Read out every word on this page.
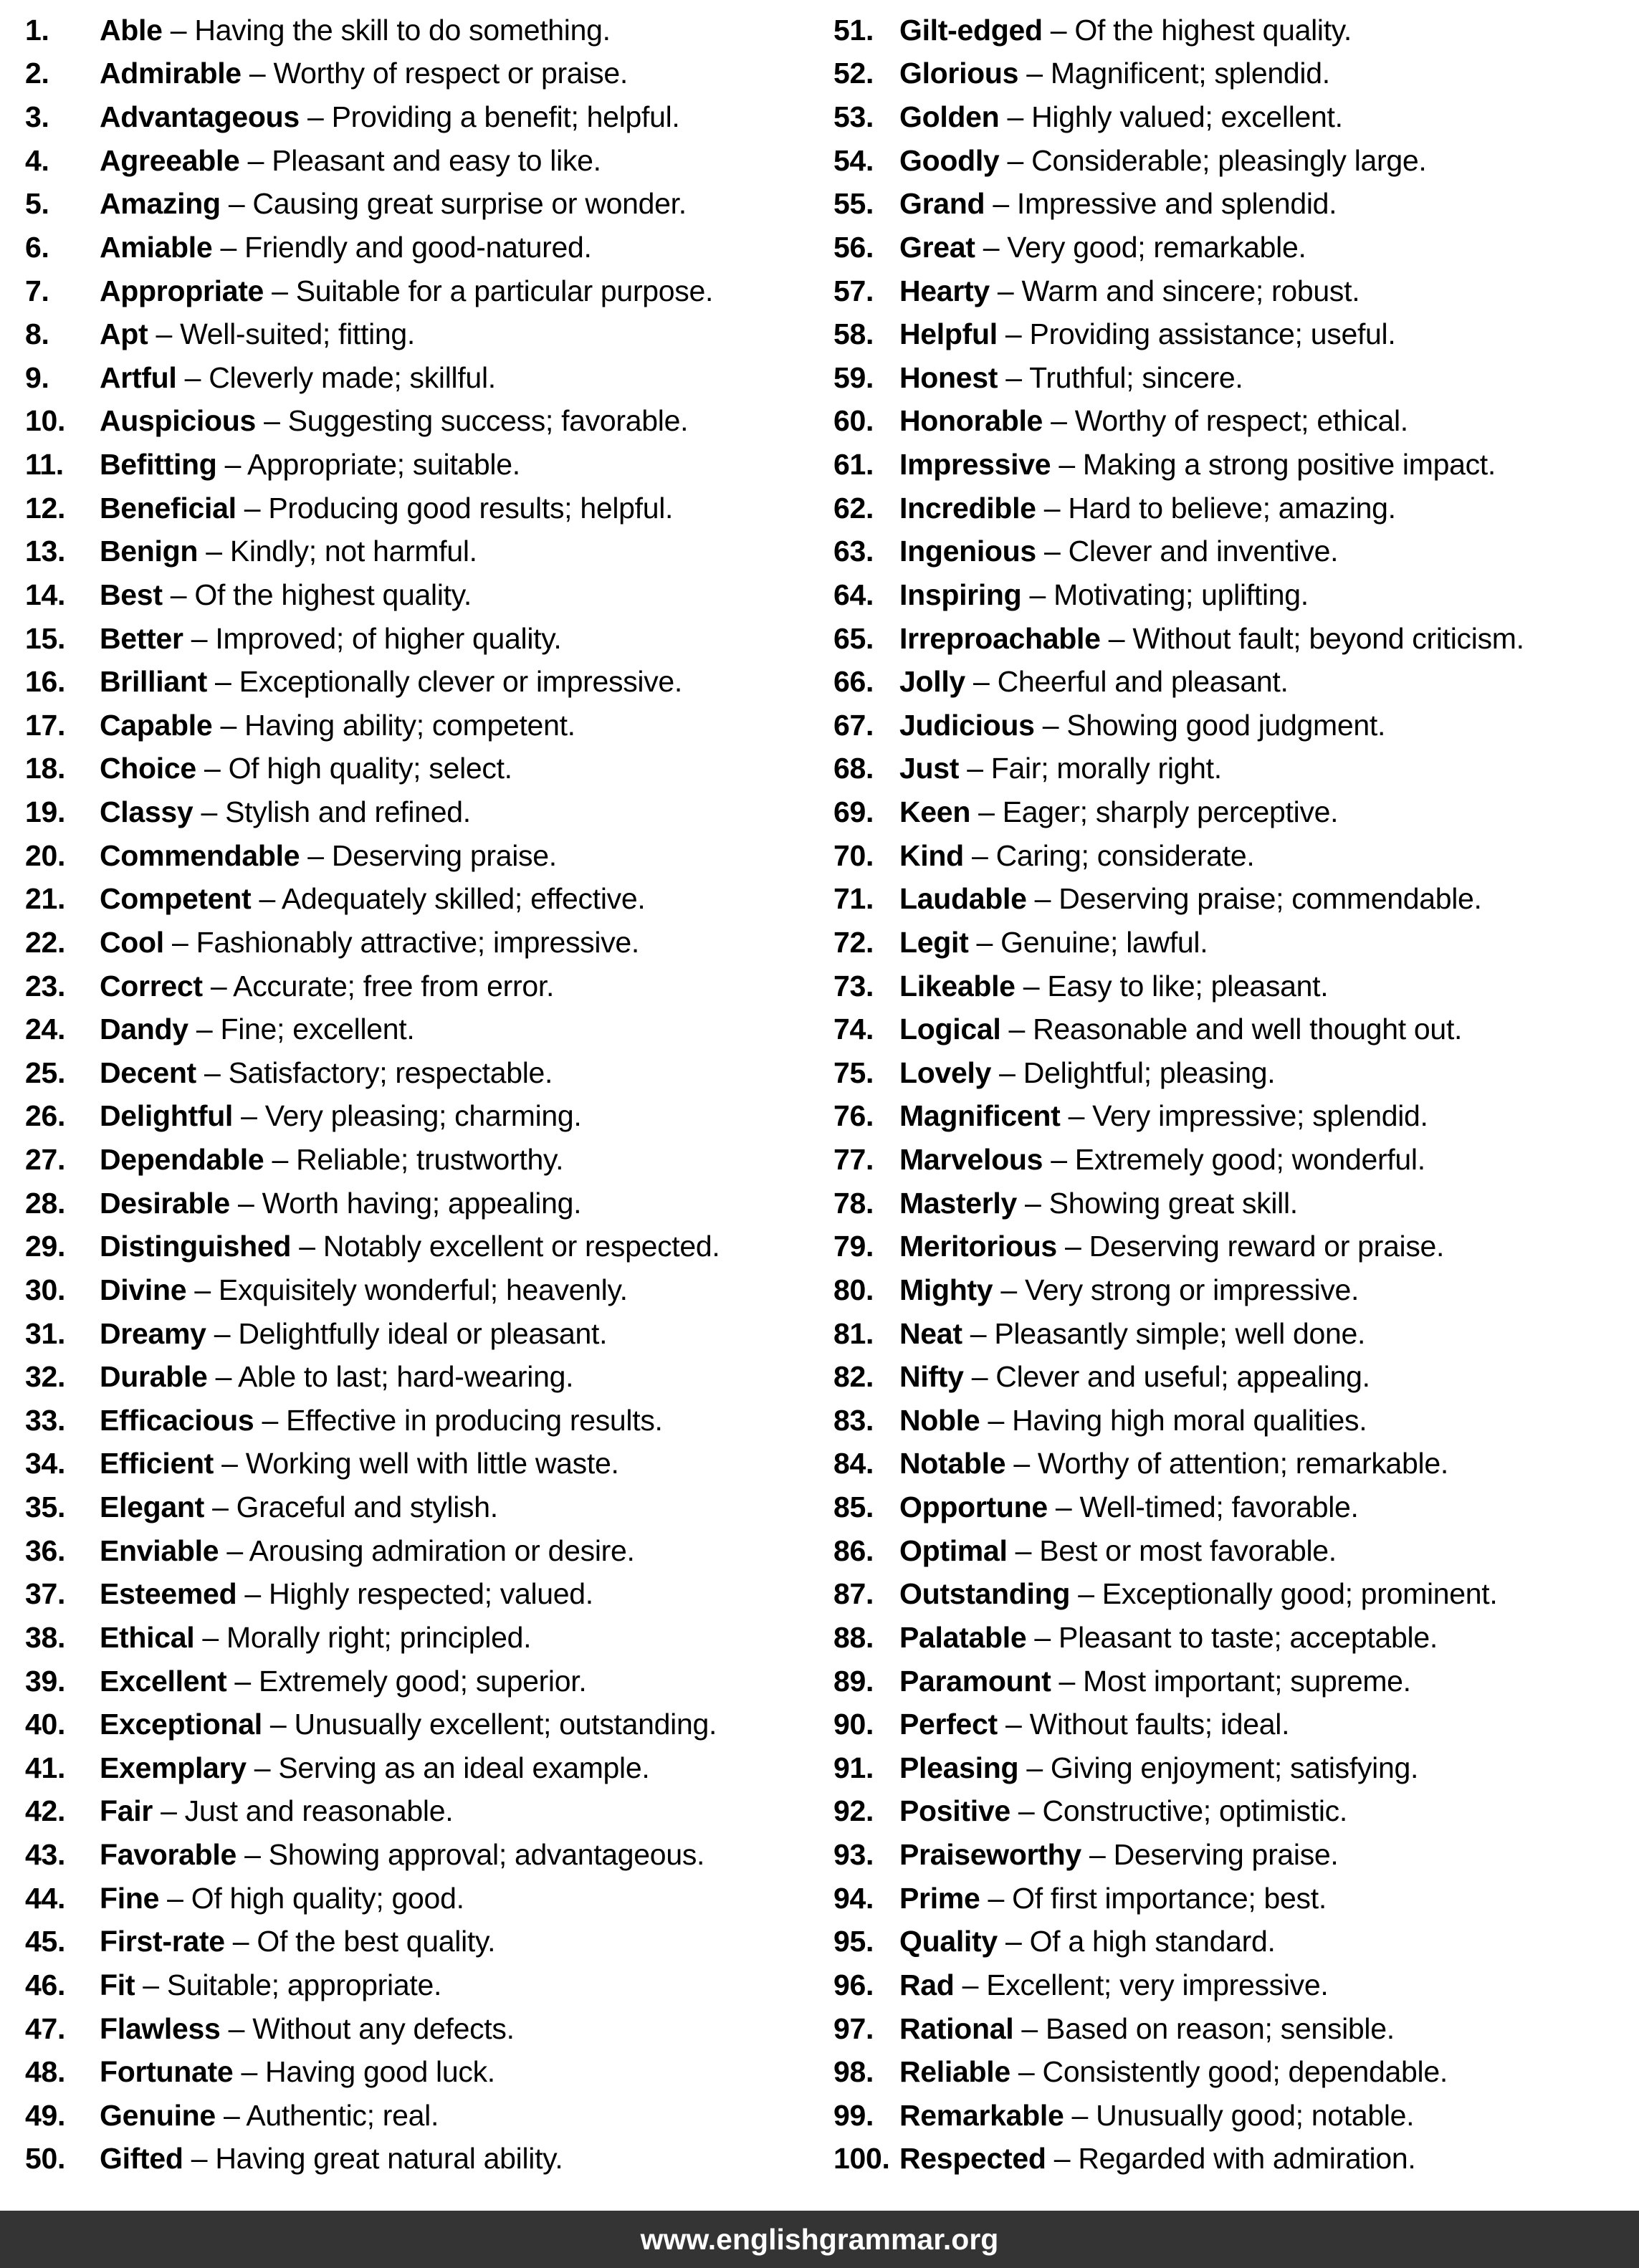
1.	Able – Having the skill to do something.
2.	Admirable – Worthy of respect or praise.
3.	Advantageous – Providing a benefit; helpful.
4.	Agreeable – Pleasant and easy to like.
5.	Amazing – Causing great surprise or wonder.
6.	Amiable – Friendly and good-natured.
7.	Appropriate – Suitable for a particular purpose.
8.	Apt – Well-suited; fitting.
9.	Artful – Cleverly made; skillful.
10.	Auspicious – Suggesting success; favorable.
11.	Befitting – Appropriate; suitable.
12.	Beneficial – Producing good results; helpful.
13.	Benign – Kindly; not harmful.
14.	Best – Of the highest quality.
15.	Better – Improved; of higher quality.
16.	Brilliant – Exceptionally clever or impressive.
17.	Capable – Having ability; competent.
18.	Choice – Of high quality; select.
19.	Classy – Stylish and refined.
20.	Commendable – Deserving praise.
21.	Competent – Adequately skilled; effective.
22.	Cool – Fashionably attractive; impressive.
23.	Correct – Accurate; free from error.
24.	Dandy – Fine; excellent.
25.	Decent – Satisfactory; respectable.
26.	Delightful – Very pleasing; charming.
27.	Dependable – Reliable; trustworthy.
28.	Desirable – Worth having; appealing.
29.	Distinguished – Notably excellent or respected.
30.	Divine – Exquisitely wonderful; heavenly.
31.	Dreamy – Delightfully ideal or pleasant.
32.	Durable – Able to last; hard-wearing.
33.	Efficacious – Effective in producing results.
34.	Efficient – Working well with little waste.
35.	Elegant – Graceful and stylish.
36.	Enviable – Arousing admiration or desire.
37.	Esteemed – Highly respected; valued.
38.	Ethical – Morally right; principled.
39.	Excellent – Extremely good; superior.
40.	Exceptional – Unusually excellent; outstanding.
41.	Exemplary – Serving as an ideal example.
42.	Fair – Just and reasonable.
43.	Favorable – Showing approval; advantageous.
44.	Fine – Of high quality; good.
45.	First-rate – Of the best quality.
46.	Fit – Suitable; appropriate.
47.	Flawless – Without any defects.
48.	Fortunate – Having good luck.
49.	Genuine – Authentic; real.
50.	Gifted – Having great natural ability.
51. Gilt-edged – Of the highest quality.
52. Glorious – Magnificent; splendid.
53. Golden – Highly valued; excellent.
54. Goodly – Considerable; pleasingly large.
55. Grand – Impressive and splendid.
56. Great – Very good; remarkable.
57. Hearty – Warm and sincere; robust.
58. Helpful – Providing assistance; useful.
59. Honest – Truthful; sincere.
60. Honorable – Worthy of respect; ethical.
61. Impressive – Making a strong positive impact.
62. Incredible – Hard to believe; amazing.
63. Ingenious – Clever and inventive.
64. Inspiring – Motivating; uplifting.
65. Irreproachable – Without fault; beyond criticism.
66. Jolly – Cheerful and pleasant.
67. Judicious – Showing good judgment.
68. Just – Fair; morally right.
69. Keen – Eager; sharply perceptive.
70. Kind – Caring; considerate.
71. Laudable – Deserving praise; commendable.
72. Legit – Genuine; lawful.
73. Likeable – Easy to like; pleasant.
74. Logical – Reasonable and well thought out.
75. Lovely – Delightful; pleasing.
76. Magnificent – Very impressive; splendid.
77. Marvelous – Extremely good; wonderful.
78. Masterly – Showing great skill.
79. Meritorious – Deserving reward or praise.
80. Mighty – Very strong or impressive.
81. Neat – Pleasantly simple; well done.
82. Nifty – Clever and useful; appealing.
83. Noble – Having high moral qualities.
84. Notable – Worthy of attention; remarkable.
85. Opportune – Well-timed; favorable.
86. Optimal – Best or most favorable.
87. Outstanding – Exceptionally good; prominent.
88. Palatable – Pleasant to taste; acceptable.
89. Paramount – Most important; supreme.
90. Perfect – Without faults; ideal.
91. Pleasing – Giving enjoyment; satisfying.
92. Positive – Constructive; optimistic.
93. Praiseworthy – Deserving praise.
94. Prime – Of first importance; best.
95. Quality – Of a high standard.
96. Rad – Excellent; very impressive.
97. Rational – Based on reason; sensible.
98. Reliable – Consistently good; dependable.
99. Remarkable – Unusually good; notable.
100. Respected – Regarded with admiration.
www.englishgrammar.org
